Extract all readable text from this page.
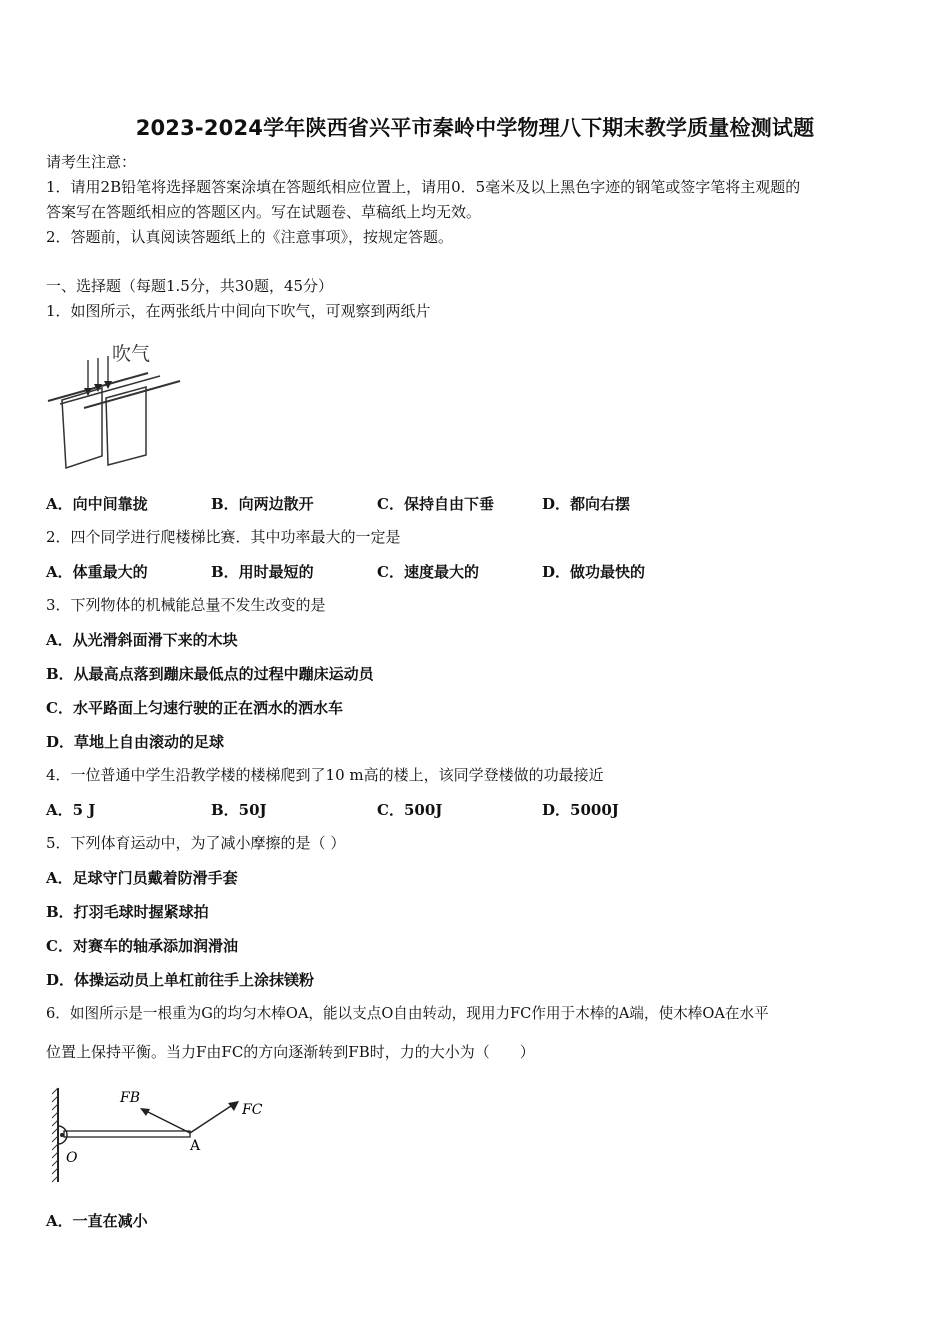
2023-2024学年陕西省兴平市秦岭中学物理八下期末教学质量检测试题
请考生注意：
1．请用2B铅笔将选择题答案涂填在答题纸相应位置上，请用0．5毫米及以上黑色字迹的钢笔或签字笔将主观题的
答案写在答题纸相应的答题区内。写在试题卷、草稿纸上均无效。
2．答题前，认真阅读答题纸上的《注意事项》，按规定答题。
一、选择题（每题1.5分，共30题，45分）
1．如图所示，在两张纸片中间向下吹气，可观察到两纸片
吹气
A．向中间靠拢	B．向两边散开	C．保持自由下垂	D．都向右摆
2．四个同学进行爬楼梯比赛．其中功率最大的一定是
A．体重最大的	B．用时最短的	C．速度最大的	D．做功最快的
3．下列物体的机械能总量不发生改变的是
A．从光滑斜面滑下来的木块
B．从最高点落到蹦床最低点的过程中蹦床运动员
C．水平路面上匀速行驶的正在洒水的洒水车
D．草地上自由滚动的足球
4．一位普通中学生沿教学楼的楼梯爬到了10 m高的楼上，该同学登楼做的功最接近
A．5 J	B．50J	C．500J	D．5000J
5．下列体育运动中，为了减小摩擦的是（ ）
A．足球守门员戴着防滑手套
B．打羽毛球时握紧球拍
C．对赛车的轴承添加润滑油
D．体操运动员上单杠前往手上涂抹镁粉
6．如图所示是一根重为G的均匀木棒OA，能以支点O自由转动，现用力FC作用于木棒的A端，使木棒OA在水平
位置上保持平衡。当力F由FC的方向逐渐转到FB时，力的大小为（　　）
FB
FC
O
A
A．一直在减小
